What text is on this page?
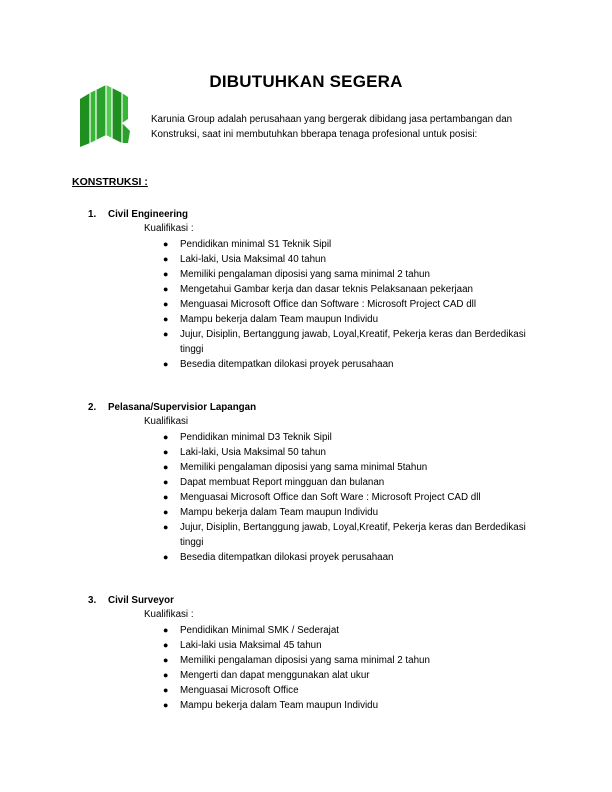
DIBUTUHKAN SEGERA
Karunia Group adalah perusahaan yang bergerak dibidang jasa pertambangan dan Konstruksi, saat ini membutuhkan bberapa tenaga profesional untuk posisi:
KONSTRUKSI :
1. Civil Engineering
Kualifikasi :
● Pendidikan minimal S1 Teknik Sipil
● Laki-laki, Usia Maksimal 40 tahun
● Memiliki pengalaman diposisi yang sama minimal 2 tahun
● Mengetahui Gambar kerja dan dasar teknis Pelaksanaan pekerjaan
● Menguasai Microsoft Office dan Software : Microsoft Project CAD dll
● Mampu bekerja dalam Team maupun Individu
● Jujur, Disiplin, Bertanggung jawab, Loyal,Kreatif, Pekerja keras dan Berdedikasi tinggi
● Besedia ditempatkan dilokasi proyek perusahaan
2. Pelasana/Supervisior Lapangan
Kualifikasi
● Pendidikan minimal D3 Teknik Sipil
● Laki-laki, Usia Maksimal 50 tahun
● Memiliki pengalaman diposisi yang sama minimal 5tahun
● Dapat membuat Report mingguan dan bulanan
● Menguasai Microsoft Office dan Soft Ware : Microsoft Project CAD dll
● Mampu bekerja dalam Team maupun Individu
● Jujur, Disiplin, Bertanggung jawab, Loyal,Kreatif, Pekerja keras dan Berdedikasi tinggi
● Besedia ditempatkan dilokasi proyek perusahaan
3. Civil Surveyor
Kualifikasi :
● Pendidikan Minimal SMK / Sederajat
● Laki-laki usia Maksimal 45 tahun
● Memiliki pengalaman diposisi yang sama minimal 2 tahun
● Mengerti dan dapat menggunakan alat ukur
● Menguasai Microsoft Office
● Mampu bekerja dalam Team maupun Individu
